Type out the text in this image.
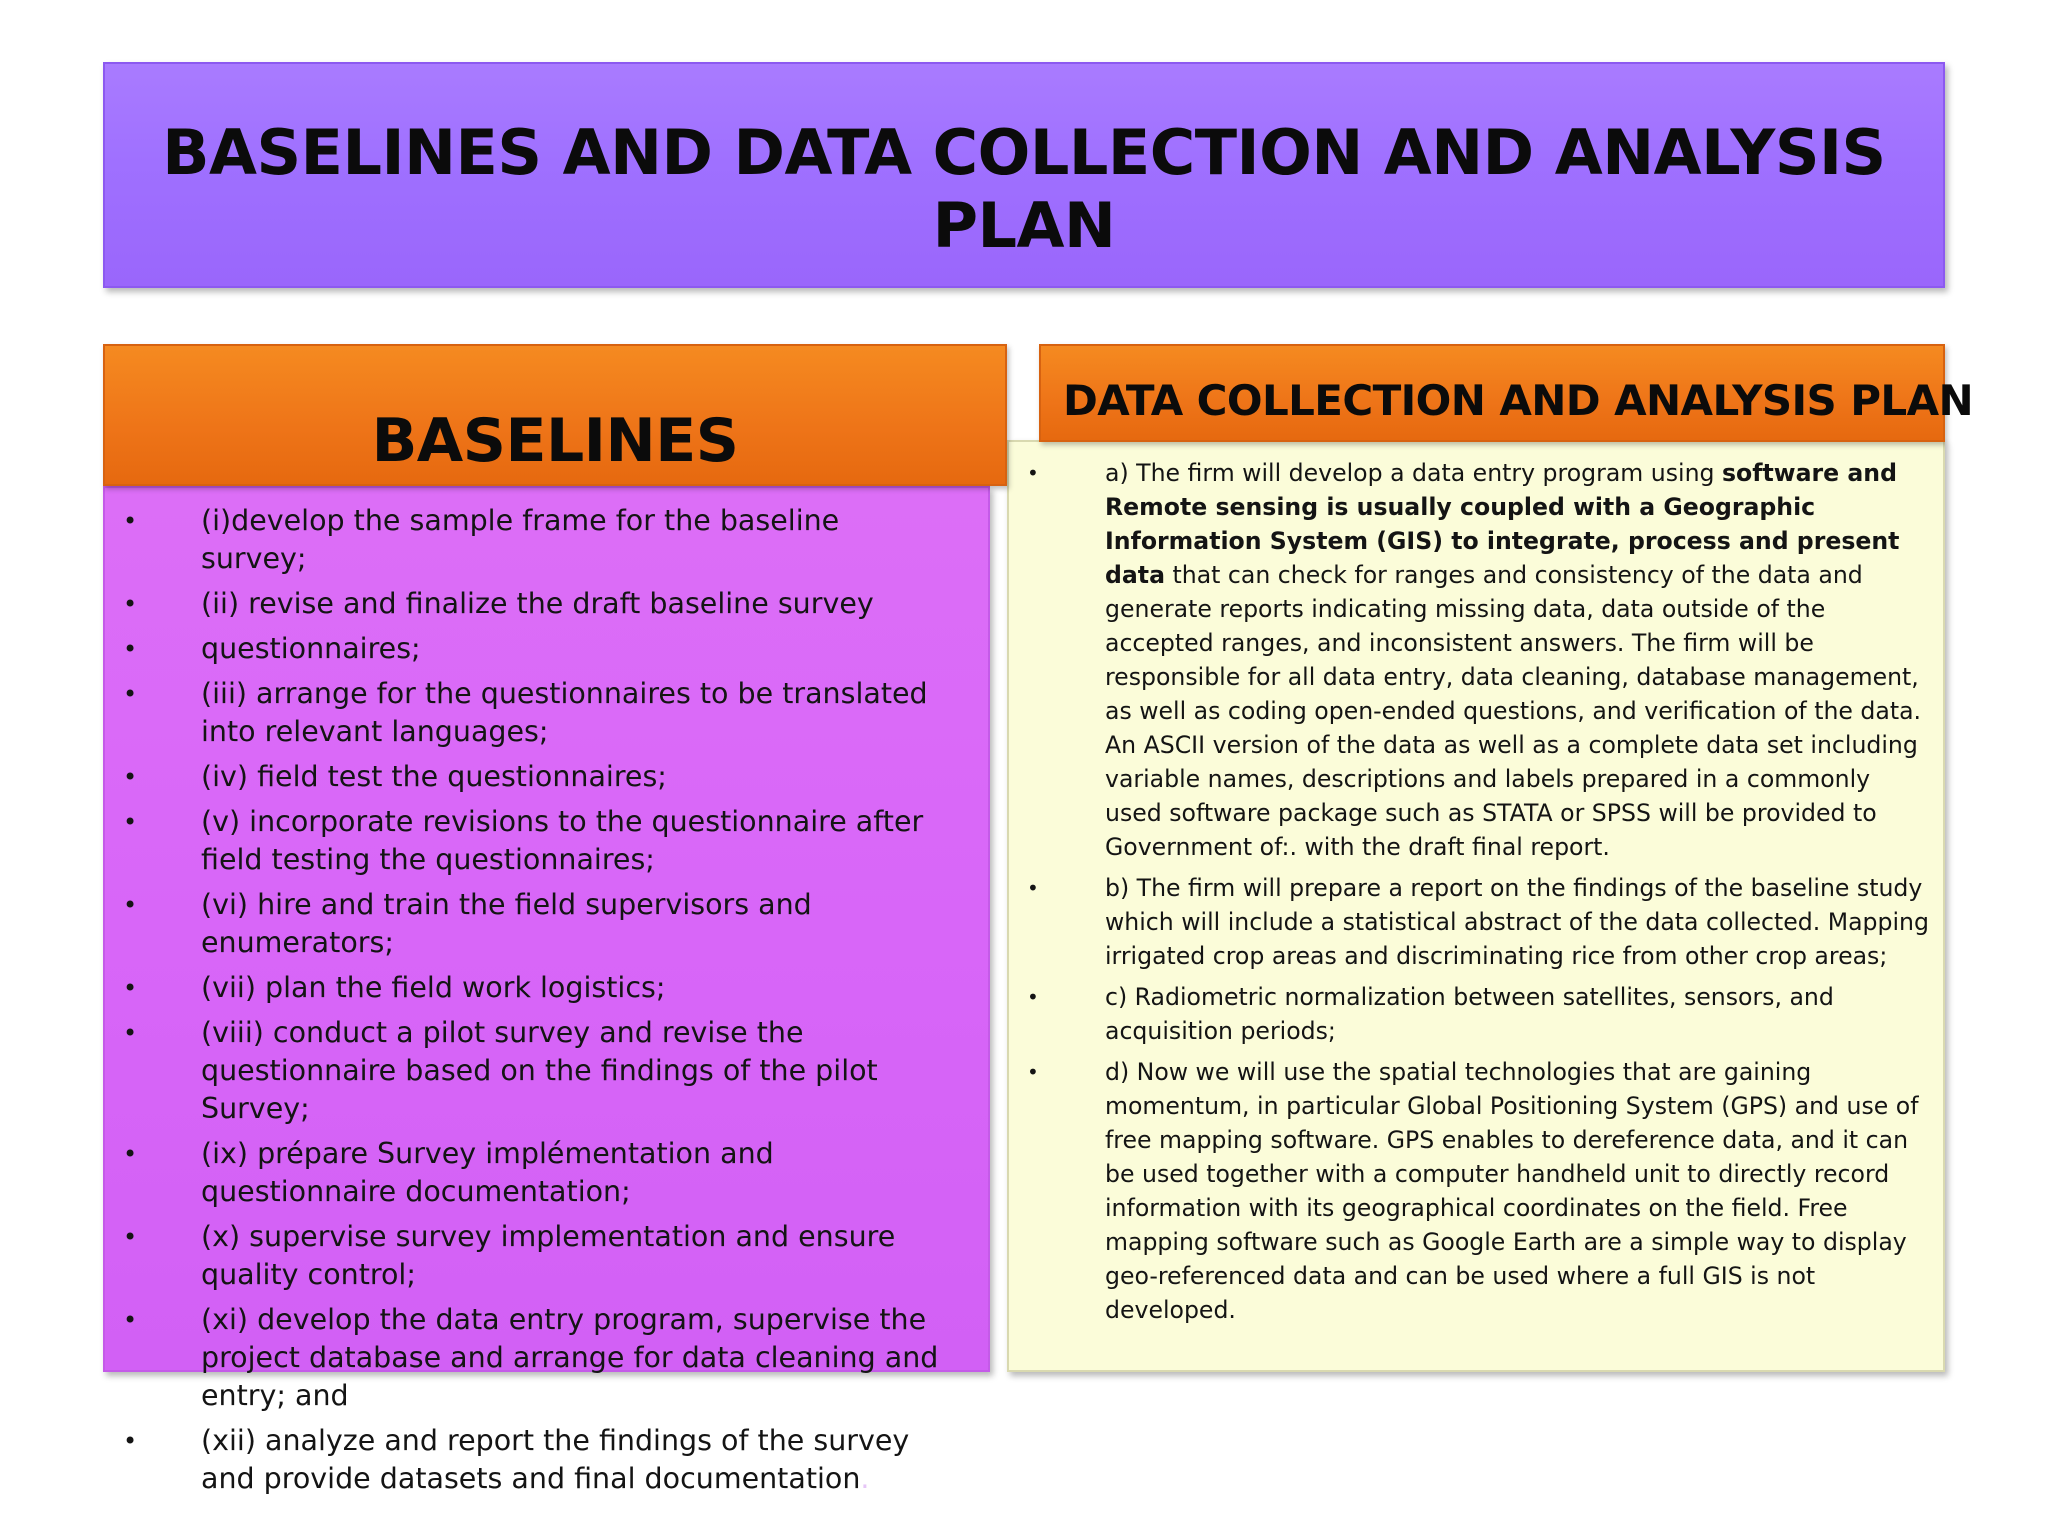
BASELINES AND DATA COLLECTION AND ANALYSIS PLAN
BASELINES
• (i)develop the sample frame for the baseline survey;
• (ii) revise and finalize the draft baseline survey
• questionnaires;
• (iii) arrange for the questionnaires to be translated into relevant languages;
• (iv) field test the questionnaires;
• (v) incorporate revisions to the questionnaire after field testing the questionnaires;
• (vi) hire and train the field supervisors and enumerators;
• (vii) plan the field work logistics;
• (viii) conduct a pilot survey and revise the questionnaire based on the findings of the pilot Survey;
• (ix) prépare Survey implémentation and questionnaire documentation;
• (x) supervise survey implementation and ensure quality control;
• (xi) develop the data entry program, supervise the project database and arrange for data cleaning and entry; and
• (xii) analyze and report the findings of the survey and provide datasets and final documentation.
•	a) The firm will develop a data entry program using software and Remote sensing is usually coupled with a Geographic Information System (GIS) to integrate, process and present data that can check for ranges and consistency of the data and generate reports indicating missing data, data outside of the accepted ranges, and inconsistent answers. The firm will be responsible for all data entry, data cleaning, database management, as well as coding open-ended questions, and verification of the data. An ASCII version of the data as well as a complete data set including variable names, descriptions and labels prepared in a commonly used software package such as STATA or SPSS will be provided to Government of:. with the draft final report.
•	b) The firm will prepare a report on the findings of the baseline study which will include a statistical abstract of the data collected. Mapping irrigated crop areas and discriminating rice from other crop areas;
•	c) Radiometric normalization between satellites, sensors, and acquisition periods;
•	d) Now we will use the spatial technologies that are gaining momentum, in particular Global Positioning System (GPS) and use of free mapping software. GPS enables to dereference data, and it can be used together with a computer handheld unit to directly record information with its geographical coordinates on the field. Free mapping software such as Google Earth are a simple way to display geo-referenced data and can be used where a full GIS is not developed.
DATA COLLECTION AND ANALYSIS PLAN
